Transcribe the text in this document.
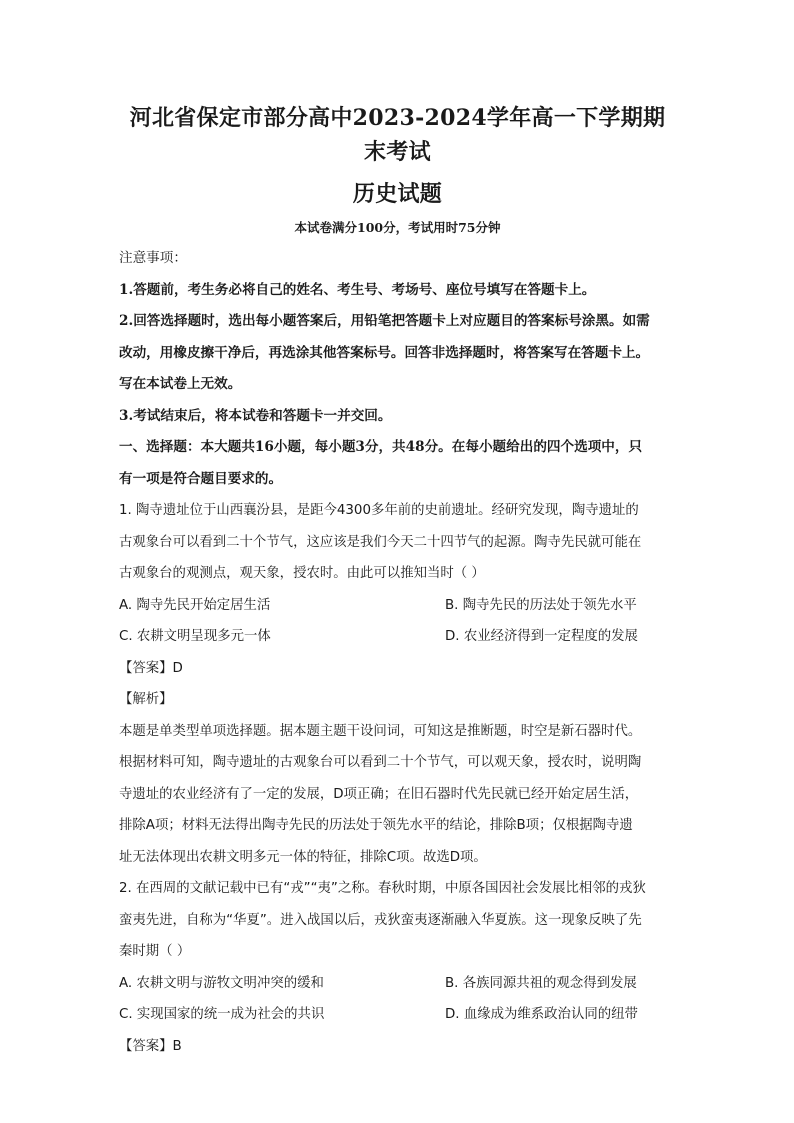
河北省保定市部分高中2023-2024学年高一下学期期末考试
历史试题
本试卷满分100分，考试用时75分钟
注意事项：
1.答题前，考生务必将自己的姓名、考生号、考场号、座位号填写在答题卡上。
2.回答选择题时，选出每小题答案后，用铅笔把答题卡上对应题目的答案标号涂黑。如需
改动，用橡皮擦干净后，再选涂其他答案标号。回答非选择题时，将答案写在答题卡上。
写在本试卷上无效。
3.考试结束后，将本试卷和答题卡一并交回。
一、选择题：本大题共16小题，每小题3分，共48分。在每小题给出的四个选项中，只
有一项是符合题目要求的。
1. 陶寺遗址位于山西襄汾县，是距今4300多年前的史前遗址。经研究发现，陶寺遗址的
古观象台可以看到二十个节气，这应该是我们今天二十四节气的起源。陶寺先民就可能在
古观象台的观测点，观天象，授农时。由此可以推知当时（ ）
A. 陶寺先民开始定居生活	B. 陶寺先民的历法处于领先水平
C. 农耕文明呈现多元一体	D. 农业经济得到一定程度的发展
【答案】D
【解析】
本题是单类型单项选择题。据本题主题干设问词，可知这是推断题，时空是新石器时代。
根据材料可知，陶寺遗址的古观象台可以看到二十个节气，可以观天象，授农时，说明陶
寺遗址的农业经济有了一定的发展，D项正确；在旧石器时代先民就已经开始定居生活，
排除A项；材料无法得出陶寺先民的历法处于领先水平的结论，排除B项；仅根据陶寺遗
址无法体现出农耕文明多元一体的特征，排除C项。故选D项。
2. 在西周的文献记载中已有“戎”“夷”之称。春秋时期，中原各国因社会发展比相邻的戎狄
蛮夷先进，自称为“华夏”。进入战国以后，戎狄蛮夷逐渐融入华夏族。这一现象反映了先
秦时期（ ）
A. 农耕文明与游牧文明冲突的缓和	B. 各族同源共祖的观念得到发展
C. 实现国家的统一成为社会的共识	D. 血缘成为维系政治认同的纽带
【答案】B
